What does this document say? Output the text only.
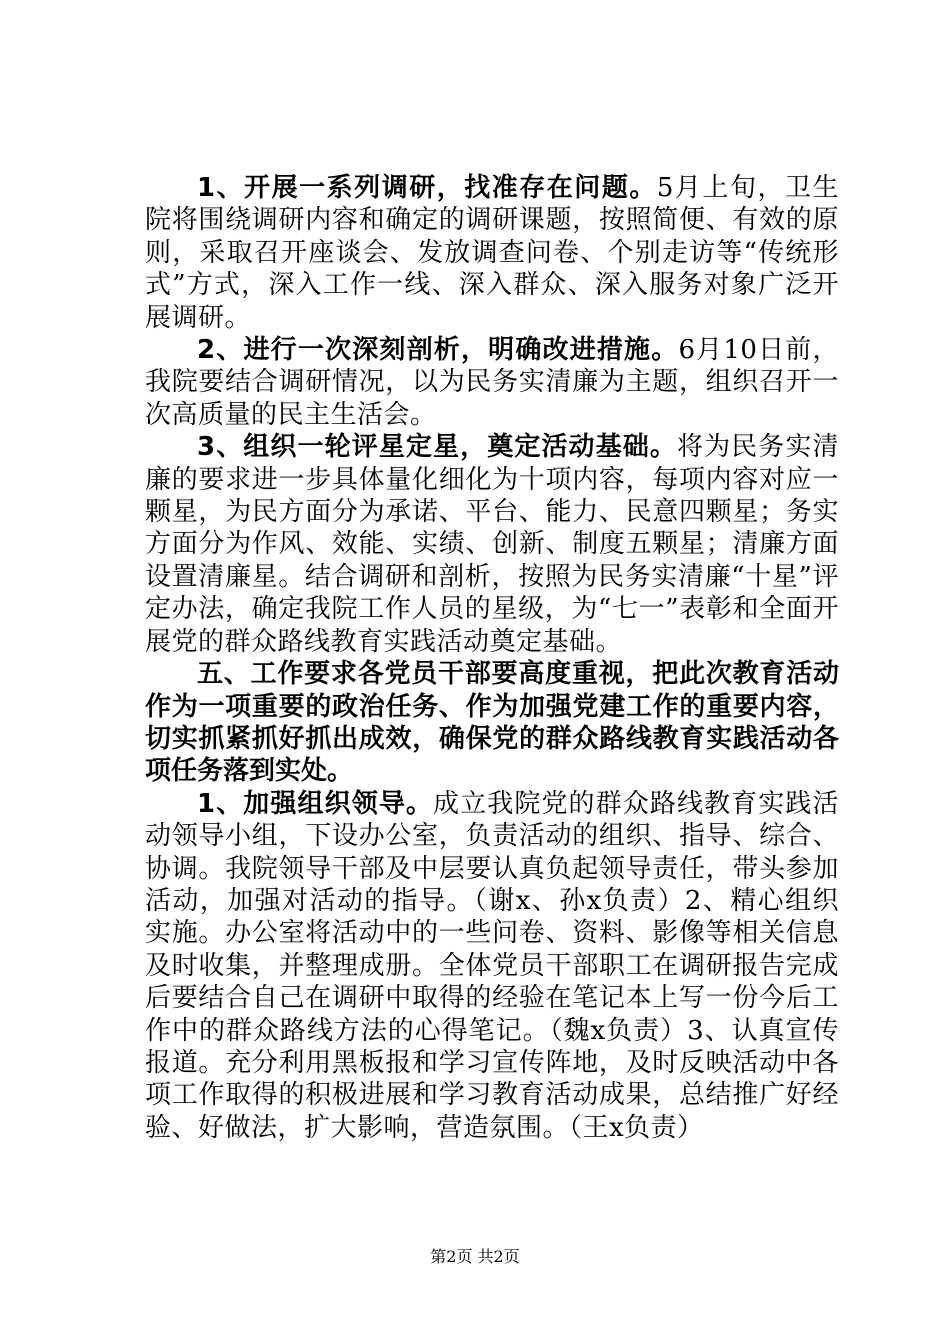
1、开展一系列调研，找准存在问题。5月上旬，卫生院将围绕调研内容和确定的调研课题，按照简便、有效的原则，采取召开座谈会、发放调查问卷、个别走访等“传统形式”方式，深入工作一线、深入群众、深入服务对象广泛开展调研。

2、进行一次深刻剖析，明确改进措施。6月10日前，我院要结合调研情况，以为民务实清廉为主题，组织召开一次高质量的民主生活会。

3、组织一轮评星定星，奠定活动基础。将为民务实清廉的要求进一步具体量化细化为十项内容，每项内容对应一颗星，为民方面分为承诺、平台、能力、民意四颗星；务实方面分为作风、效能、实绩、创新、制度五颗星；清廉方面设置清廉星。结合调研和剖析，按照为民务实清廉“十星”评定办法，确定我院工作人员的星级，为“七一”表彰和全面开展党的群众路线教育实践活动奠定基础。

五、工作要求各党员干部要高度重视，把此次教育活动作为一项重要的政治任务、作为加强党建工作的重要内容，切实抓紧抓好抓出成效，确保党的群众路线教育实践活动各项任务落到实处。

1、加强组织领导。成立我院党的群众路线教育实践活动领导小组，下设办公室，负责活动的组织、指导、综合、协调。我院领导干部及中层要认真负起领导责任，带头参加活动，加强对活动的指导。（谢x、孙x负责）2、精心组织实施。办公室将活动中的一些问卷、资料、影像等相关信息及时收集，并整理成册。全体党员干部职工在调研报告完成后要结合自己在调研中取得的经验在笔记本上写一份今后工作中的群众路线方法的心得笔记。（魏x负责）3、认真宣传报道。充分利用黑板报和学习宣传阵地，及时反映活动中各项工作取得的积极进展和学习教育活动成果，总结推广好经验、好做法，扩大影响，营造氛围。（王x负责）

第2页 共2页
